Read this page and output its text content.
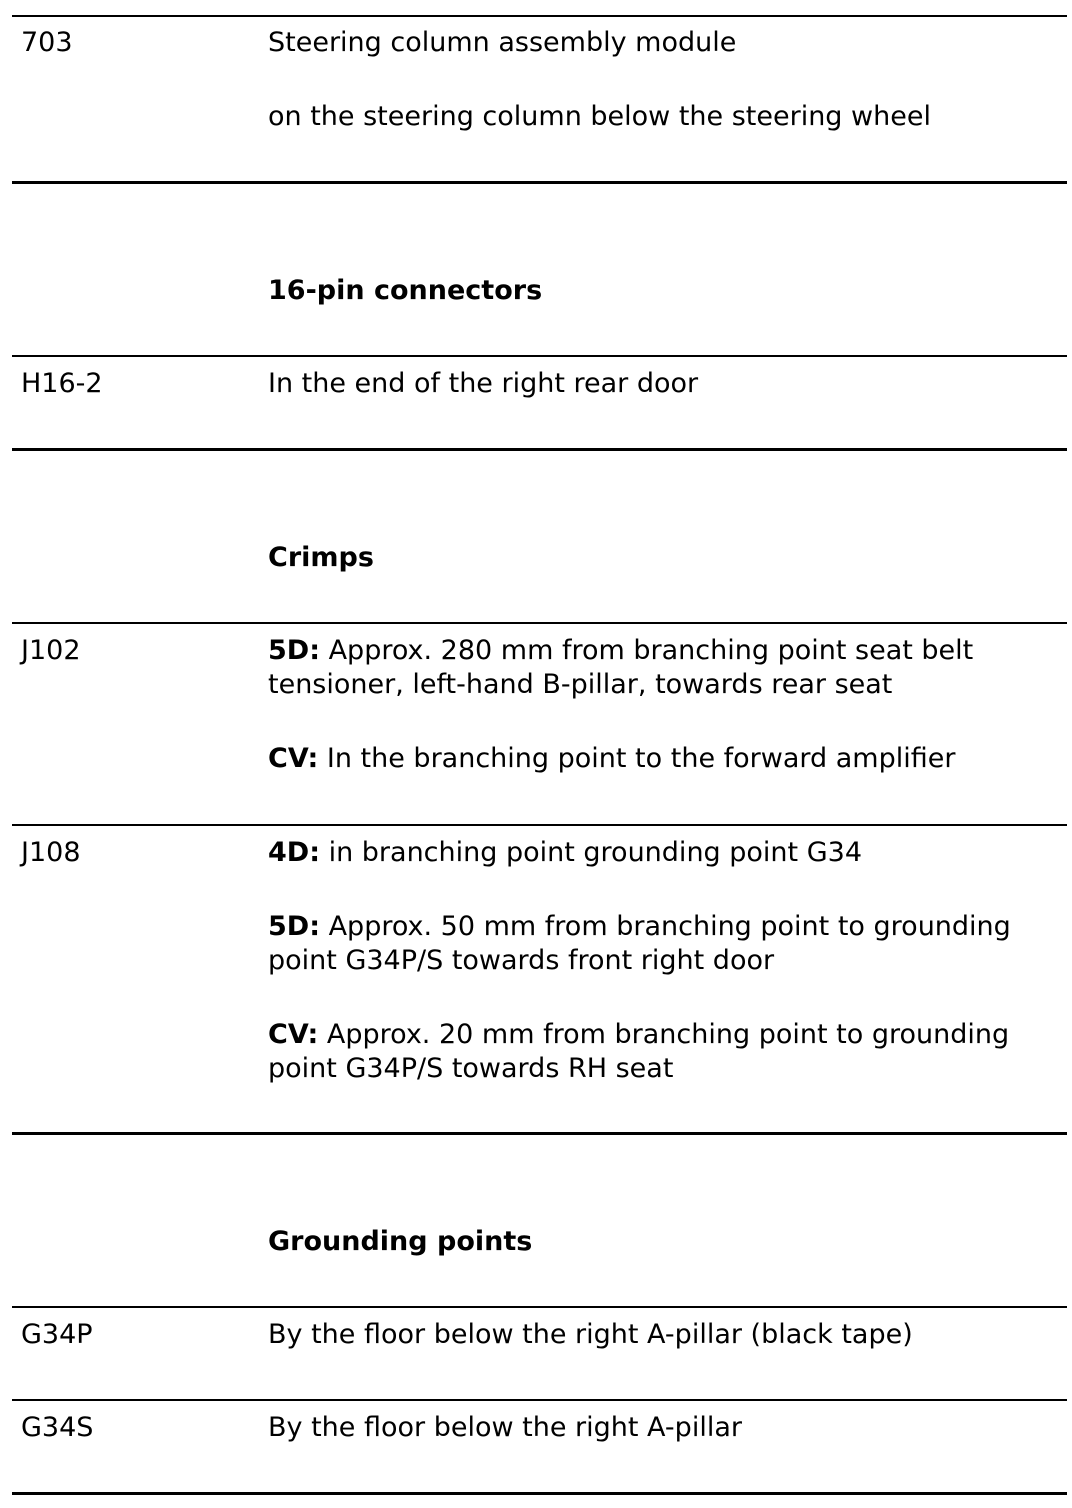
703	Steering column assembly module

on the steering column below the steering wheel

16-pin connectors
H16-2	In the end of the right rear door

Crimps
J102	5D: Approx. 280 mm from branching point seat belt tensioner, left-hand B-pillar, towards rear seat

CV: In the branching point to the forward amplifier

J108	4D: in branching point grounding point G34

5D: Approx. 50 mm from branching point to grounding point G34P/S towards front right door

CV: Approx. 20 mm from branching point to grounding point G34P/S towards RH seat

Grounding points
G34P	By the floor below the right A-pillar (black tape)

G34S	By the floor below the right A-pillar
